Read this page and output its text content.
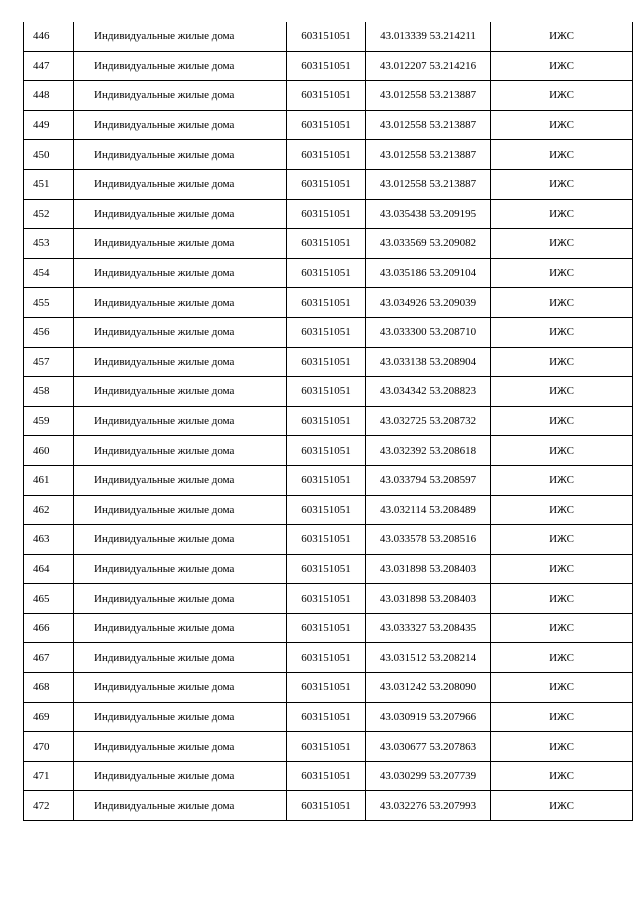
446	Индивидуальные жилые дома	603151051	43.013339 53.214211	ИЖС
447	Индивидуальные жилые дома	603151051	43.012207 53.214216	ИЖС
448	Индивидуальные жилые дома	603151051	43.012558 53.213887	ИЖС
449	Индивидуальные жилые дома	603151051	43.012558 53.213887	ИЖС
450	Индивидуальные жилые дома	603151051	43.012558 53.213887	ИЖС
451	Индивидуальные жилые дома	603151051	43.012558 53.213887	ИЖС
452	Индивидуальные жилые дома	603151051	43.035438 53.209195	ИЖС
453	Индивидуальные жилые дома	603151051	43.033569 53.209082	ИЖС
454	Индивидуальные жилые дома	603151051	43.035186 53.209104	ИЖС
455	Индивидуальные жилые дома	603151051	43.034926 53.209039	ИЖС
456	Индивидуальные жилые дома	603151051	43.033300 53.208710	ИЖС
457	Индивидуальные жилые дома	603151051	43.033138 53.208904	ИЖС
458	Индивидуальные жилые дома	603151051	43.034342 53.208823	ИЖС
459	Индивидуальные жилые дома	603151051	43.032725 53.208732	ИЖС
460	Индивидуальные жилые дома	603151051	43.032392 53.208618	ИЖС
461	Индивидуальные жилые дома	603151051	43.033794 53.208597	ИЖС
462	Индивидуальные жилые дома	603151051	43.032114 53.208489	ИЖС
463	Индивидуальные жилые дома	603151051	43.033578 53.208516	ИЖС
464	Индивидуальные жилые дома	603151051	43.031898 53.208403	ИЖС
465	Индивидуальные жилые дома	603151051	43.031898 53.208403	ИЖС
466	Индивидуальные жилые дома	603151051	43.033327 53.208435	ИЖС
467	Индивидуальные жилые дома	603151051	43.031512 53.208214	ИЖС
468	Индивидуальные жилые дома	603151051	43.031242 53.208090	ИЖС
469	Индивидуальные жилые дома	603151051	43.030919 53.207966	ИЖС
470	Индивидуальные жилые дома	603151051	43.030677 53.207863	ИЖС
471	Индивидуальные жилые дома	603151051	43.030299 53.207739	ИЖС
472	Индивидуальные жилые дома	603151051	43.032276 53.207993	ИЖС
